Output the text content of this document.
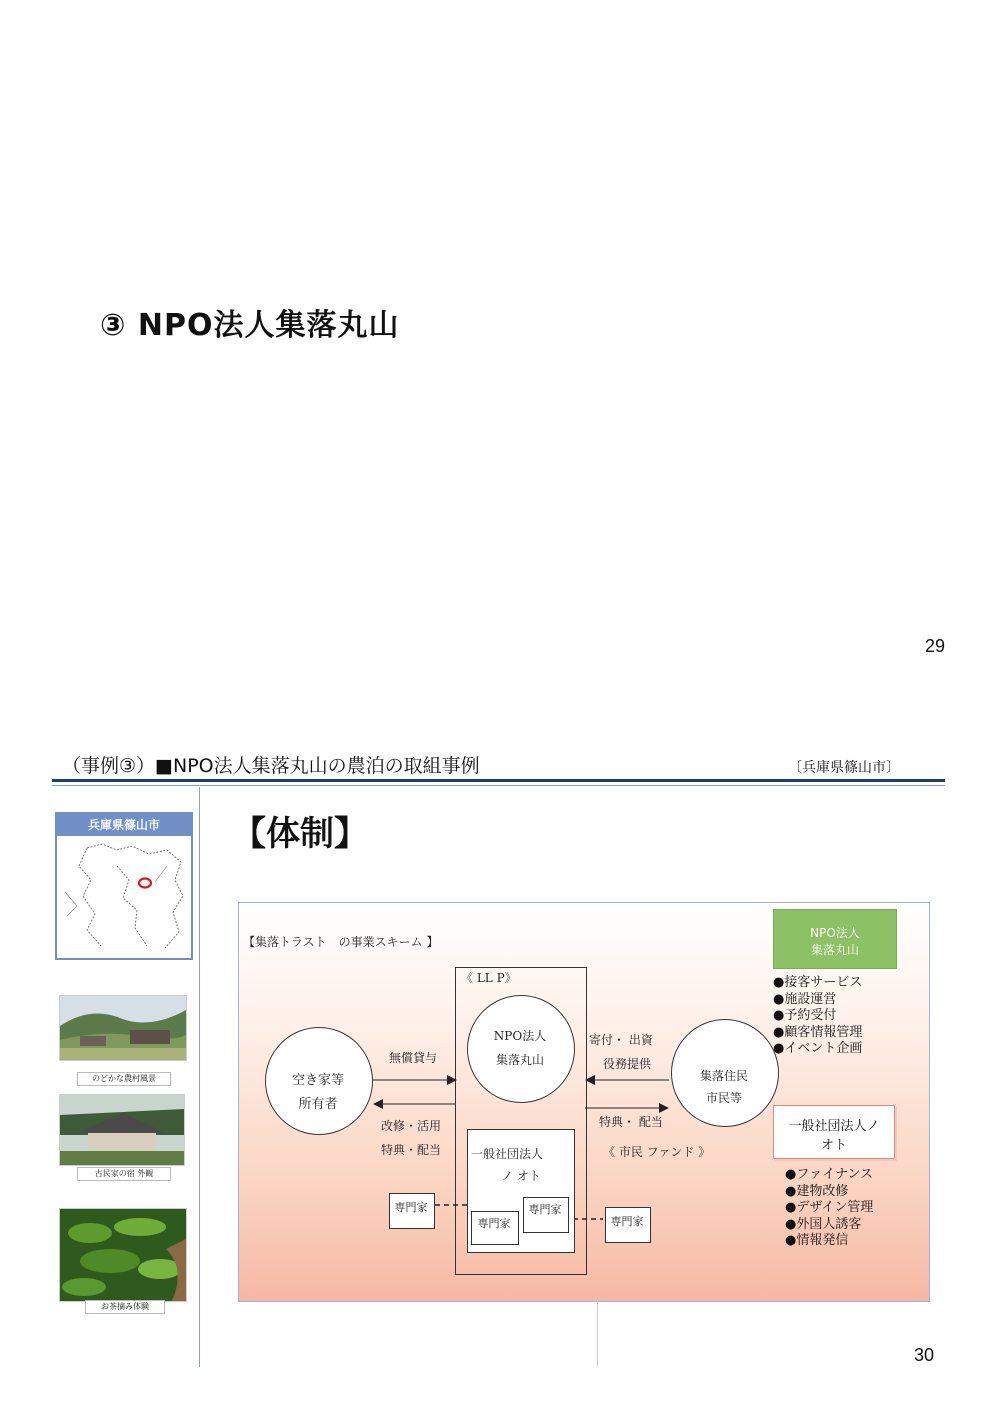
③ NPO法人集落丸山
29
（事例③）■NPO法人集落丸山の農泊の取組事例	〔兵庫県篠山市〕
兵庫県篠山市
のどかな農村風景
古民家の宿 外観
お茶摘み体験
【体制】
【集落トラスト　の事業スキーム 】
《 LL P》
NPO法人
集落丸山
空き家等
所有者
集落住民
市民等
無償貸与
改修・活用
特典・配当
寄付・ 出資
役務提供
特典・ 配当
《 市民 ファンド 》
一般社団法人
ノ オト
専門家
専門家
専門家
専門家
NPO法人
集落丸山
●接客サービス
●施設運営
●予約受付
●顧客情報管理
●イベント企画
一般社団法人ノ
オト
●ファイナンス
●建物改修
●デザイン管理
●外国人誘客
●情報発信
30
